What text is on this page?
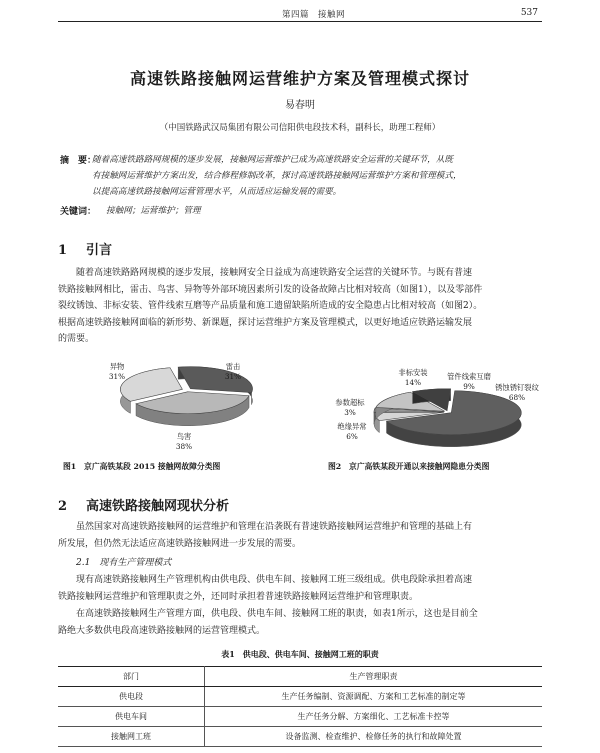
第四篇　接触网	537
高速铁路接触网运营维护方案及管理模式探讨
易春明
（中国铁路武汉局集团有限公司信阳供电段技术科，副科长，助理工程师）
摘　要：
随着高速铁路路网规模的逐步发展，接触网运营维护已成为高速铁路安全运营的关键环节，从既
有接触网运营维护方案出发，结合修程修制改革，探讨高速铁路接触网运营维护方案和管理模式，
以提高高速铁路接触网运营管理水平，从而适应运输发展的需要。
关键词： 接触网；运营维护；管理
1 引言
随着高速铁路路网规模的逐步发展，接触网安全日益成为高速铁路安全运营的关键环节。与既有普速
铁路接触网相比，雷击、鸟害、异物等外部环境因素所引发的设备故障占比相对较高（如图1），以及零部件
裂纹锈蚀、非标安装、管件线索互磨等产品质量和施工遗留缺陷所造成的安全隐患占比相对较高（如图2）。
根据高速铁路接触网面临的新形势、新课题，探讨运营维护方案及管理模式，以更好地适应铁路运输发展
的需要。
异物
31%
雷击
31%
鸟害
38%
图1　京广高铁某段 2015 接触网故障分类图
非标安装
14%
管件线索互磨
9%	锈蚀锈钉裂纹
68%
参数超标
3%
绝缘异常
6%
图2　京广高铁某段开通以来接触网隐患分类图
2 高速铁路接触网现状分析
虽然国家对高速铁路接触网的运营维护和管理在沿袭既有普速铁路接触网运营维护和管理的基础上有
所发展，但仍然无法适应高速铁路接触网进一步发展的需要。
2.1　现有生产管理模式
现有高速铁路接触网生产管理机构由供电段、供电车间、接触网工班三级组成。供电段除承担着高速
铁路接触网运营维护和管理职责之外，还同时承担着普速铁路接触网运营维护和管理职责。
在高速铁路接触网生产管理方面，供电段、供电车间、接触网工班的职责，如表1所示，这也是目前全
路绝大多数供电段高速铁路接触网的运营管理模式。
表1　供电段、供电车间、接触网工班的职责
部门	生产管理职责
供电段	生产任务编制、资源调配、方案和工艺标准的制定等
供电车间	生产任务分解、方案细化、工艺标准卡控等
接触网工班	设备监测、检查维护、检修任务的执行和故障处置
